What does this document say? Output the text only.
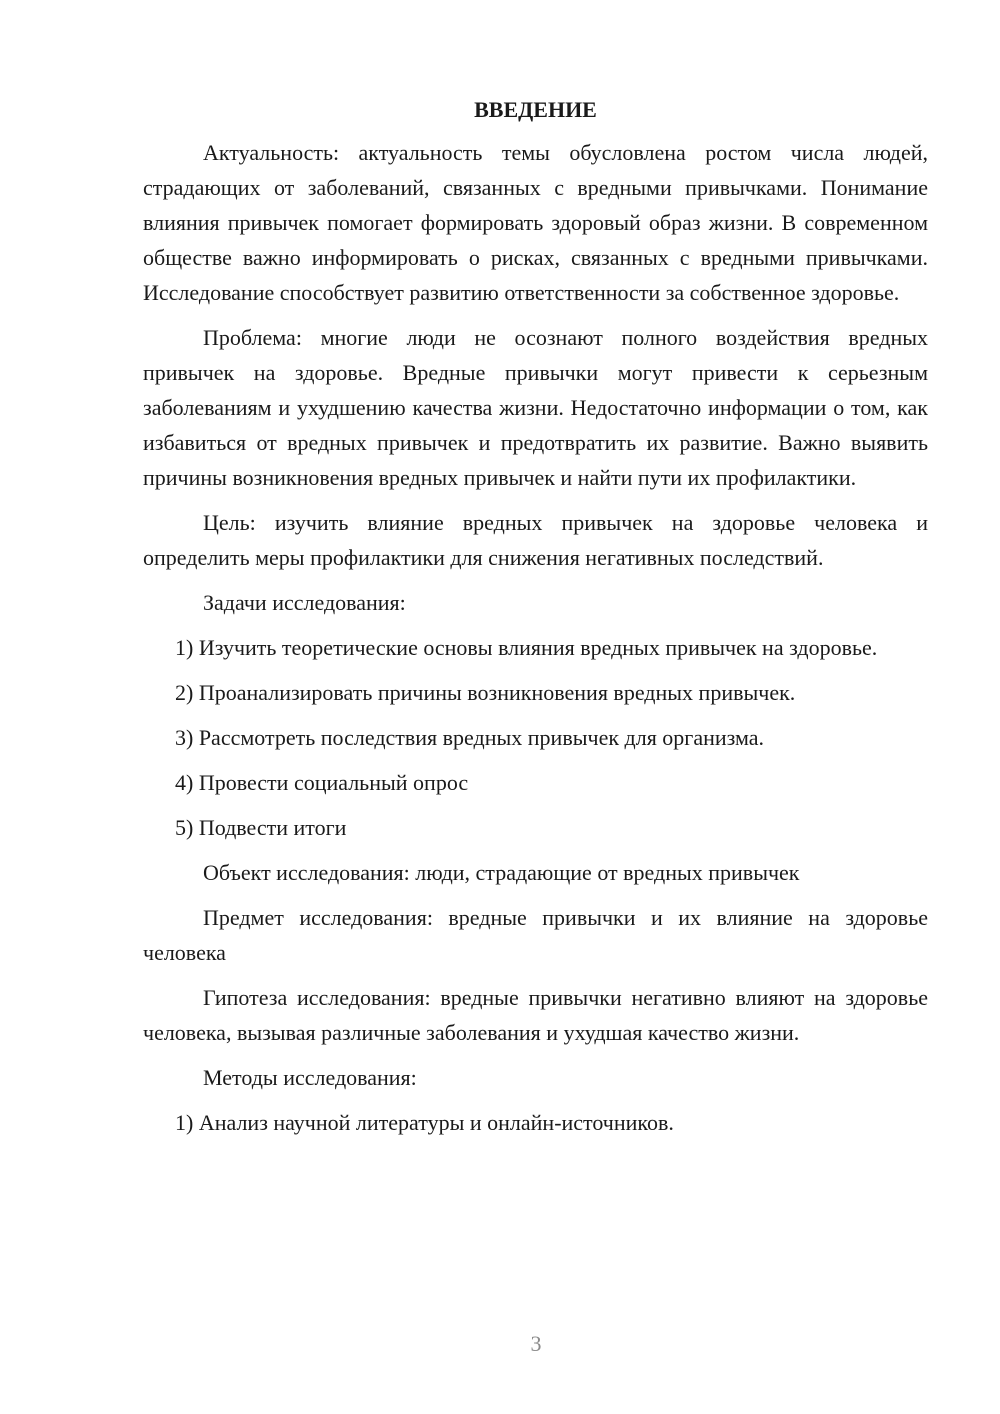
ВВЕДЕНИЕ

Актуальность: актуальность темы обусловлена ростом числа людей, страдающих от заболеваний, связанных с вредными привычками. Понимание влияния привычек помогает формировать здоровый образ жизни. В современном обществе важно информировать о рисках, связанных с вредными привычками. Исследование способствует развитию ответственности за собственное здоровье.

Проблема: многие люди не осознают полного воздействия вредных привычек на здоровье. Вредные привычки могут привести к серьезным заболеваниям и ухудшению качества жизни. Недостаточно информации о том, как избавиться от вредных привычек и предотвратить их развитие. Важно выявить причины возникновения вредных привычек и найти пути их профилактики.

Цель: изучить влияние вредных привычек на здоровье человека и определить меры профилактики для снижения негативных последствий.

Задачи исследования:

1) Изучить теоретические основы влияния вредных привычек на здоровье.

2) Проанализировать причины возникновения вредных привычек.

3) Рассмотреть последствия вредных привычек для организма.

4) Провести социальный опрос

5) Подвести итоги

Объект исследования: люди, страдающие от вредных привычек

Предмет исследования: вредные привычки и их влияние на здоровье человека

Гипотеза исследования: вредные привычки негативно влияют на здоровье человека, вызывая различные заболевания и ухудшая качество жизни.

Методы исследования:

1) Анализ научной литературы и онлайн-источников.

3
